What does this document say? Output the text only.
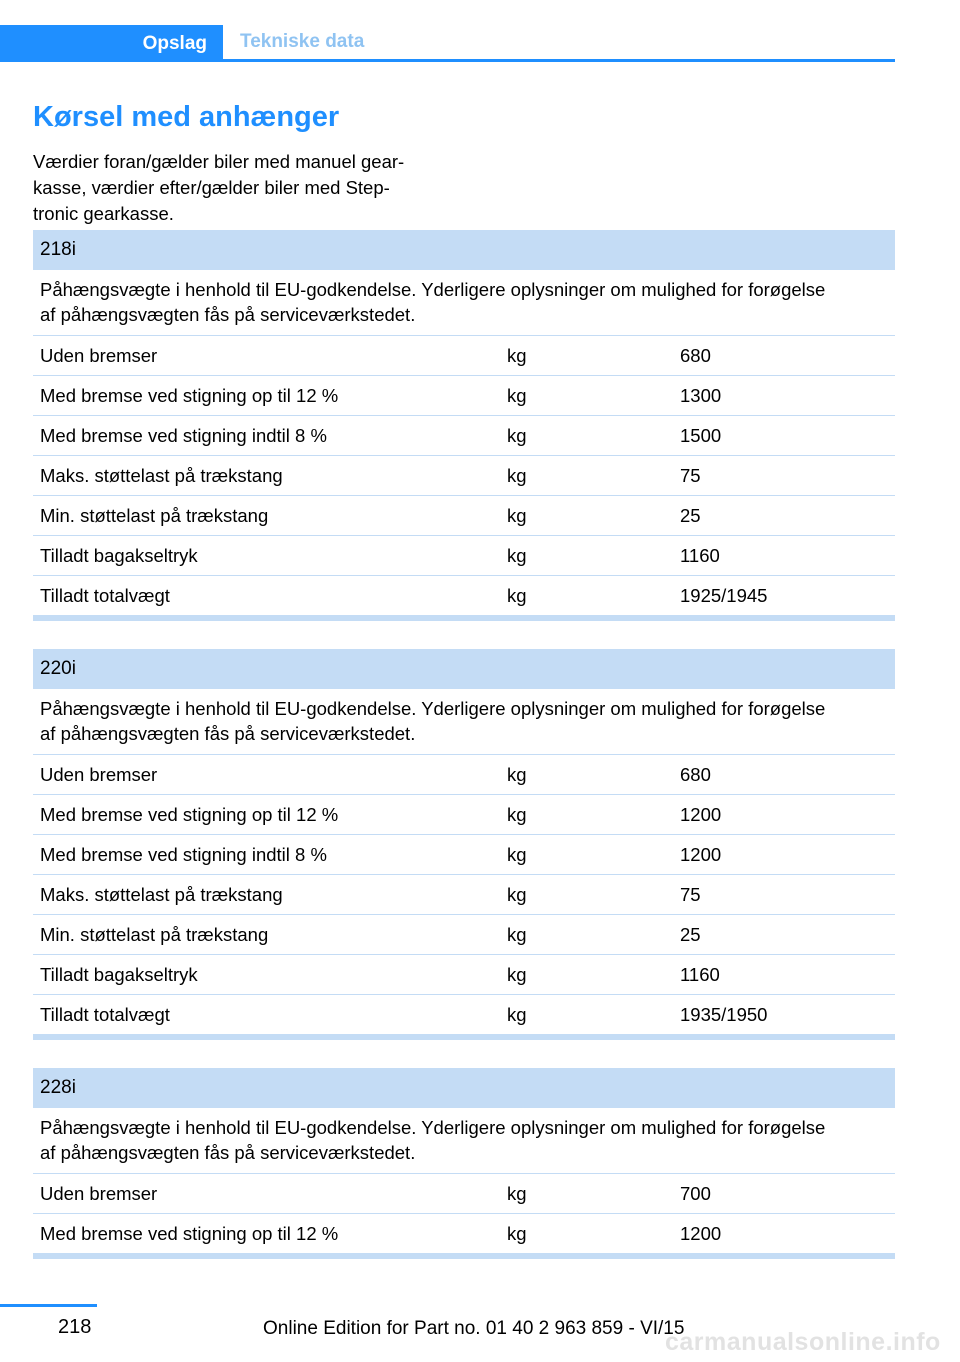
Opslag	Tekniske data
Kørsel med anhænger

Værdier foran/gælder biler med manuel gear-
kasse, værdier efter/gælder biler med Step-
tronic gearkasse.

218i
Påhængsvægte i henhold til EU-godkendelse. Yderligere oplysninger om mulighed for forøgelse
af påhængsvægten fås på serviceværkstedet.
Uden bremser	kg	680
Med bremse ved stigning op til 12 %	kg	1300
Med bremse ved stigning indtil 8 %	kg	1500
Maks. støttelast på trækstang	kg	75
Min. støttelast på trækstang	kg	25
Tilladt bagakseltryk	kg	1160
Tilladt totalvægt	kg	1925/1945
220i
Påhængsvægte i henhold til EU-godkendelse. Yderligere oplysninger om mulighed for forøgelse
af påhængsvægten fås på serviceværkstedet.
Uden bremser	kg	680
Med bremse ved stigning op til 12 %	kg	1200
Med bremse ved stigning indtil 8 %	kg	1200
Maks. støttelast på trækstang	kg	75
Min. støttelast på trækstang	kg	25
Tilladt bagakseltryk	kg	1160
Tilladt totalvægt	kg	1935/1950
228i
Påhængsvægte i henhold til EU-godkendelse. Yderligere oplysninger om mulighed for forøgelse
af påhængsvægten fås på serviceværkstedet.
Uden bremser	kg	700
Med bremse ved stigning op til 12 %	kg	1200
218	Online Edition for Part no. 01 40 2 963 859 - VI/15
carmanualsonline.info
